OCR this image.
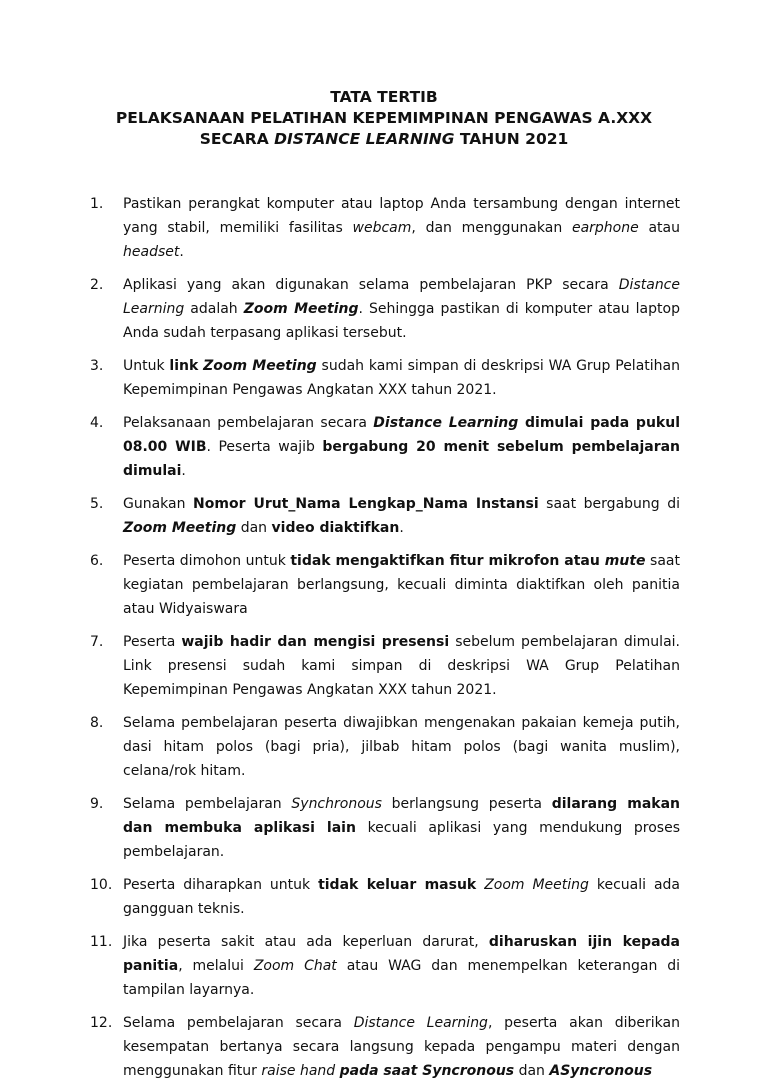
TATA TERTIB
PELAKSANAAN PELATIHAN KEPEMIMPINAN PENGAWAS A.XXX
SECARA DISTANCE LEARNING TAHUN 2021
1. Pastikan perangkat komputer atau laptop Anda tersambung dengan internet yang stabil, memiliki fasilitas webcam, dan menggunakan earphone atau headset.
2. Aplikasi yang akan digunakan selama pembelajaran PKP secara Distance Learning adalah Zoom Meeting. Sehingga pastikan di komputer atau laptop Anda sudah terpasang aplikasi tersebut.
3. Untuk link Zoom Meeting sudah kami simpan di deskripsi WA Grup Pelatihan Kepemimpinan Pengawas Angkatan XXX tahun 2021.
4. Pelaksanaan pembelajaran secara Distance Learning dimulai pada pukul 08.00 WIB. Peserta wajib bergabung 20 menit sebelum pembelajaran dimulai.
5. Gunakan Nomor Urut_Nama Lengkap_Nama Instansi saat bergabung di Zoom Meeting dan video diaktifkan.
6. Peserta dimohon untuk tidak mengaktifkan fitur mikrofon atau mute saat kegiatan pembelajaran berlangsung, kecuali diminta diaktifkan oleh panitia atau Widyaiswara
7. Peserta wajib hadir dan mengisi presensi sebelum pembelajaran dimulai. Link presensi sudah kami simpan di deskripsi WA Grup Pelatihan Kepemimpinan Pengawas Angkatan XXX tahun 2021.
8. Selama pembelajaran peserta diwajibkan mengenakan pakaian kemeja putih, dasi hitam polos (bagi pria), jilbab hitam polos (bagi wanita muslim), celana/rok hitam.
9. Selama pembelajaran Synchronous berlangsung peserta dilarang makan dan membuka aplikasi lain kecuali aplikasi yang mendukung proses pembelajaran.
10. Peserta diharapkan untuk tidak keluar masuk Zoom Meeting kecuali ada gangguan teknis.
11. Jika peserta sakit atau ada keperluan darurat, diharuskan ijin kepada panitia, melalui Zoom Chat atau WAG dan menempelkan keterangan di tampilan layarnya.
12. Selama pembelajaran secara Distance Learning, peserta akan diberikan kesempatan bertanya secara langsung kepada pengampu materi dengan menggunakan fitur raise hand pada saat Syncronous dan ASyncronous
